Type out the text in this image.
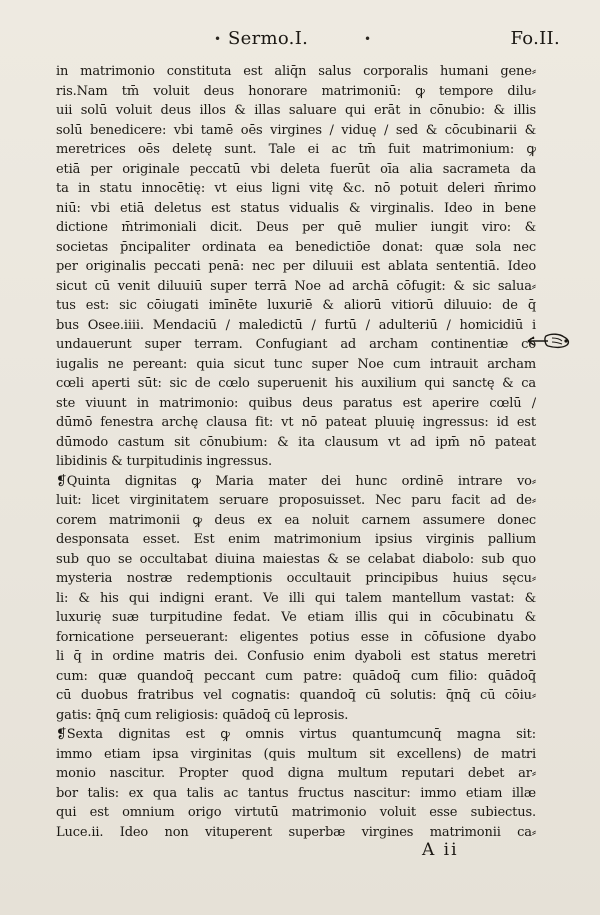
• Sermo.I.	•	Fo.II.
in matrimonio constituta est aliq̄n salus corporalis humani gene⸗
ris.Nam tm̄ voluit deus honorare matrimoniū: ꝙ tempore dilu⸗
uii solū voluit deus illos & illas saluare qui erāt in cōnubio: & illis
solū benedicere: vbi tamē oēs virgines / viduę / sed & cōcubinarii &
meretrices oēs deletę sunt. Tale ei ac tm̄ fuit matrimonium: ꝙ
etiā per originale peccatū vbi deleta fuerūt oīa alia sacrameta da
ta in statu innocētię: vt eius ligni vitę &c. nō potuit deleri m̄rimo
niū: vbi etiā deletus est status vidualis & virginalis. Ideo in bene
dictione m̄trimoniali dicit. Deus per quē mulier iungit viro: &
societas p̄ncipaliter ordinata ea benedictiōe donat: quæ sola nec
per originalis peccati penā: nec per diluuii est ablata sententiā. Ideo
sicut cū venit diluuiū super terrā Noe ad archā cōfugit: & sic salua⸗
tus est: sic cōiugati imīnēte luxuriē & aliorū vitiorū diluuio: de q̄
bus Osee.iiii. Mendaciū / maledictū / furtū / adulteriū / homicidiū i
undauerunt super terram. Confugiant ad archam continentiæ cō
iugalis ne pereant: quia sicut tunc super Noe cum intrauit archam
cœli aperti sūt: sic de cœlo superuenit his auxilium qui sanctę & ca
ste viuunt in matrimonio: quibus deus paratus est aperire cœlū /
dūmō fenestra archę clausa fit: vt nō pateat pluuię ingressus: id est
dūmodo castum sit cōnubium: & ita clausum vt ad ipm̄ nō pateat
libidinis & turpitudinis ingressus.
❡Quinta dignitas ꝙ Maria mater dei hunc ordinē intrare vo⸗
luit: licet virginitatem seruare proposuisset. Nec paru facit ad de⸗
corem matrimonii ꝙ deus ex ea noluit carnem assumere donec
desponsata esset. Est enim matrimonium ipsius virginis pallium
sub quo se occultabat diuina maiestas & se celabat diabolo: sub quo
mysteria nostræ redemptionis occultauit principibus huius sęcu⸗
li: & his qui indigni erant. Ve illi qui talem mantellum vastat: &
luxurię suæ turpitudine fedat. Ve etiam illis qui in cōcubinatu &
fornicatione perseuerant: eligentes potius esse in cōfusione dyabo
li q̄ in ordine matris dei. Confusio enim dyaboli est status meretri
cum: quæ quandoq̄ peccant cum patre: quādoq̄ cum filio: quādoq̄
cū duobus fratribus vel cognatis: quandoq̄ cū solutis: q̄nq̄ cū cōiu⸗
gatis: q̄nq̄ cum religiosis: quādoq̄ cū leprosis.
❡Sexta dignitas est ꝙ omnis virtus quantumcunq̄ magna sit:
immo etiam ipsa virginitas (quis multum sit excellens) de matri
monio nascitur. Propter quod digna multum reputari debet ar⸗
bor talis: ex qua talis ac tantus fructus nascitur: immo etiam illæ
qui est omnium origo virtutū matrimonio voluit esse subiectus.
Luce.ii. Ideo non vituperent superbæ virgines matrimonii ca⸗
A ii
